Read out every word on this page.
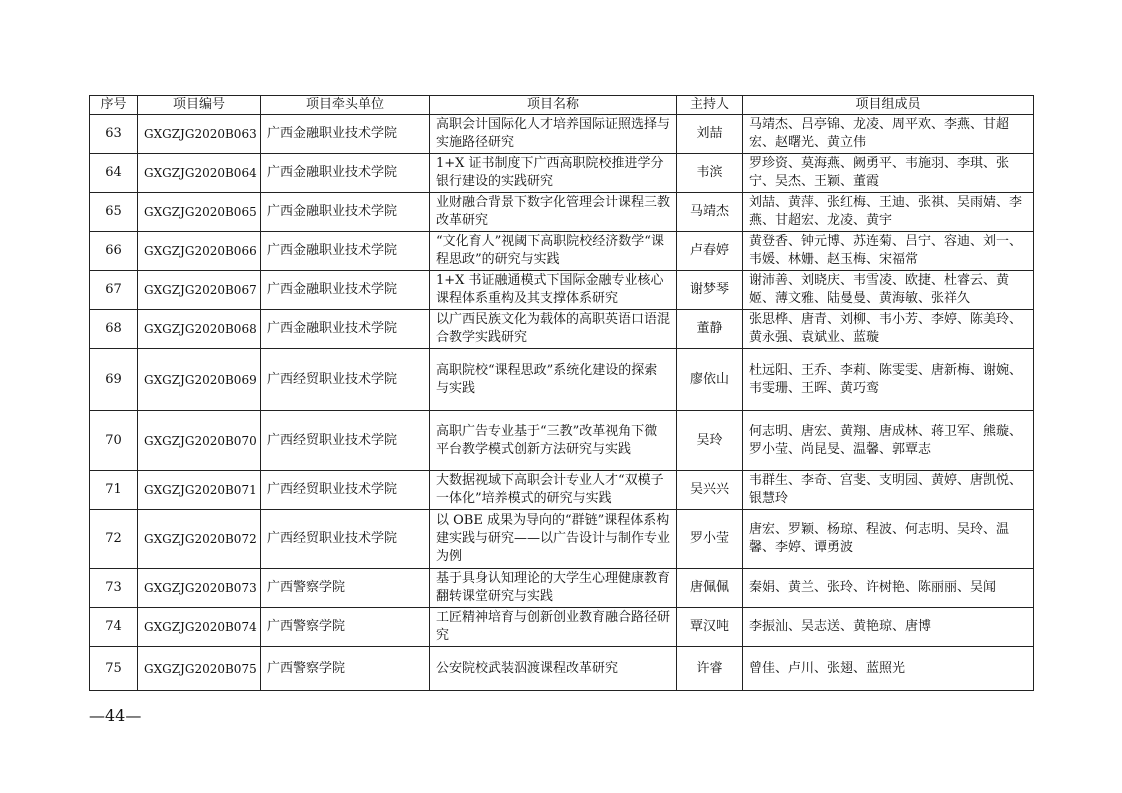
序号	项目编号	项目牵头单位	项目名称	主持人	项目组成员
63	GXGZJG2020B063	广西金融职业技术学院	高职会计国际化人才培养国际证照选择与实施路径研究	刘喆	马靖杰、吕亭锦、龙凌、周平欢、李燕、甘超宏、赵曙光、黄立伟
64	GXGZJG2020B064	广西金融职业技术学院	1+X 证书制度下广西高职院校推进学分银行建设的实践研究	韦滨	罗珍资、莫海燕、阙勇平、韦施羽、李琪、张宁、吴杰、王颖、董霞
65	GXGZJG2020B065	广西金融职业技术学院	业财融合背景下数字化管理会计课程三教改革研究	马靖杰	刘喆、黄萍、张红梅、王迪、张祺、吴雨婧、李燕、甘超宏、龙凌、黄宇
66	GXGZJG2020B066	广西金融职业技术学院	“文化育人”视阈下高职院校经济数学“课程思政”的研究与实践	卢春婷	黄登香、钟元博、苏连菊、吕宁、容迪、刘一、韦媛、林姗、赵玉梅、宋福常
67	GXGZJG2020B067	广西金融职业技术学院	1+X 书证融通模式下国际金融专业核心课程体系重构及其支撑体系研究	谢梦琴	谢沛善、刘晓庆、韦雪凌、欧捷、杜睿云、黄姬、薄文雅、陆曼曼、黄海敏、张祥久
68	GXGZJG2020B068	广西金融职业技术学院	以广西民族文化为载体的高职英语口语混合教学实践研究	董静	张思桦、唐青、刘柳、韦小芳、李婷、陈美玲、黄永强、袁斌业、蓝璇
69	GXGZJG2020B069	广西经贸职业技术学院	高职院校“课程思政”系统化建设的探索与实践	廖依山	杜远阳、王乔、李莉、陈雯雯、唐新梅、谢婉、韦雯珊、王晖、黄巧鸾
70	GXGZJG2020B070	广西经贸职业技术学院	高职广告专业基于“三教”改革视角下微平台教学模式创新方法研究与实践	吴玲	何志明、唐宏、黄翔、唐成林、蒋卫军、熊璇、罗小莹、尚昆旻、温馨、郭覃志
71	GXGZJG2020B071	广西经贸职业技术学院	大数据视域下高职会计专业人才“双模子一体化”培养模式的研究与实践	吴兴兴	韦群生、李奇、宫斐、支明园、黄婷、唐凯悦、银慧玲
72	GXGZJG2020B072	广西经贸职业技术学院	以 OBE 成果为导向的“群链”课程体系构建实践与研究——以广告设计与制作专业为例	罗小莹	唐宏、罗颖、杨琼、程波、何志明、吴玲、温馨、李婷、谭勇波
73	GXGZJG2020B073	广西警察学院	基于具身认知理论的大学生心理健康教育翻转课堂研究与实践	唐佩佩	秦娟、黄兰、张玲、许树艳、陈丽丽、吴闻
74	GXGZJG2020B074	广西警察学院	工匠精神培育与创新创业教育融合路径研究	覃汉吨	李振汕、吴志送、黄艳琼、唐博
75	GXGZJG2020B075	广西警察学院	公安院校武装泅渡课程改革研究	许睿	曾佳、卢川、张翅、蓝照光
—44—
